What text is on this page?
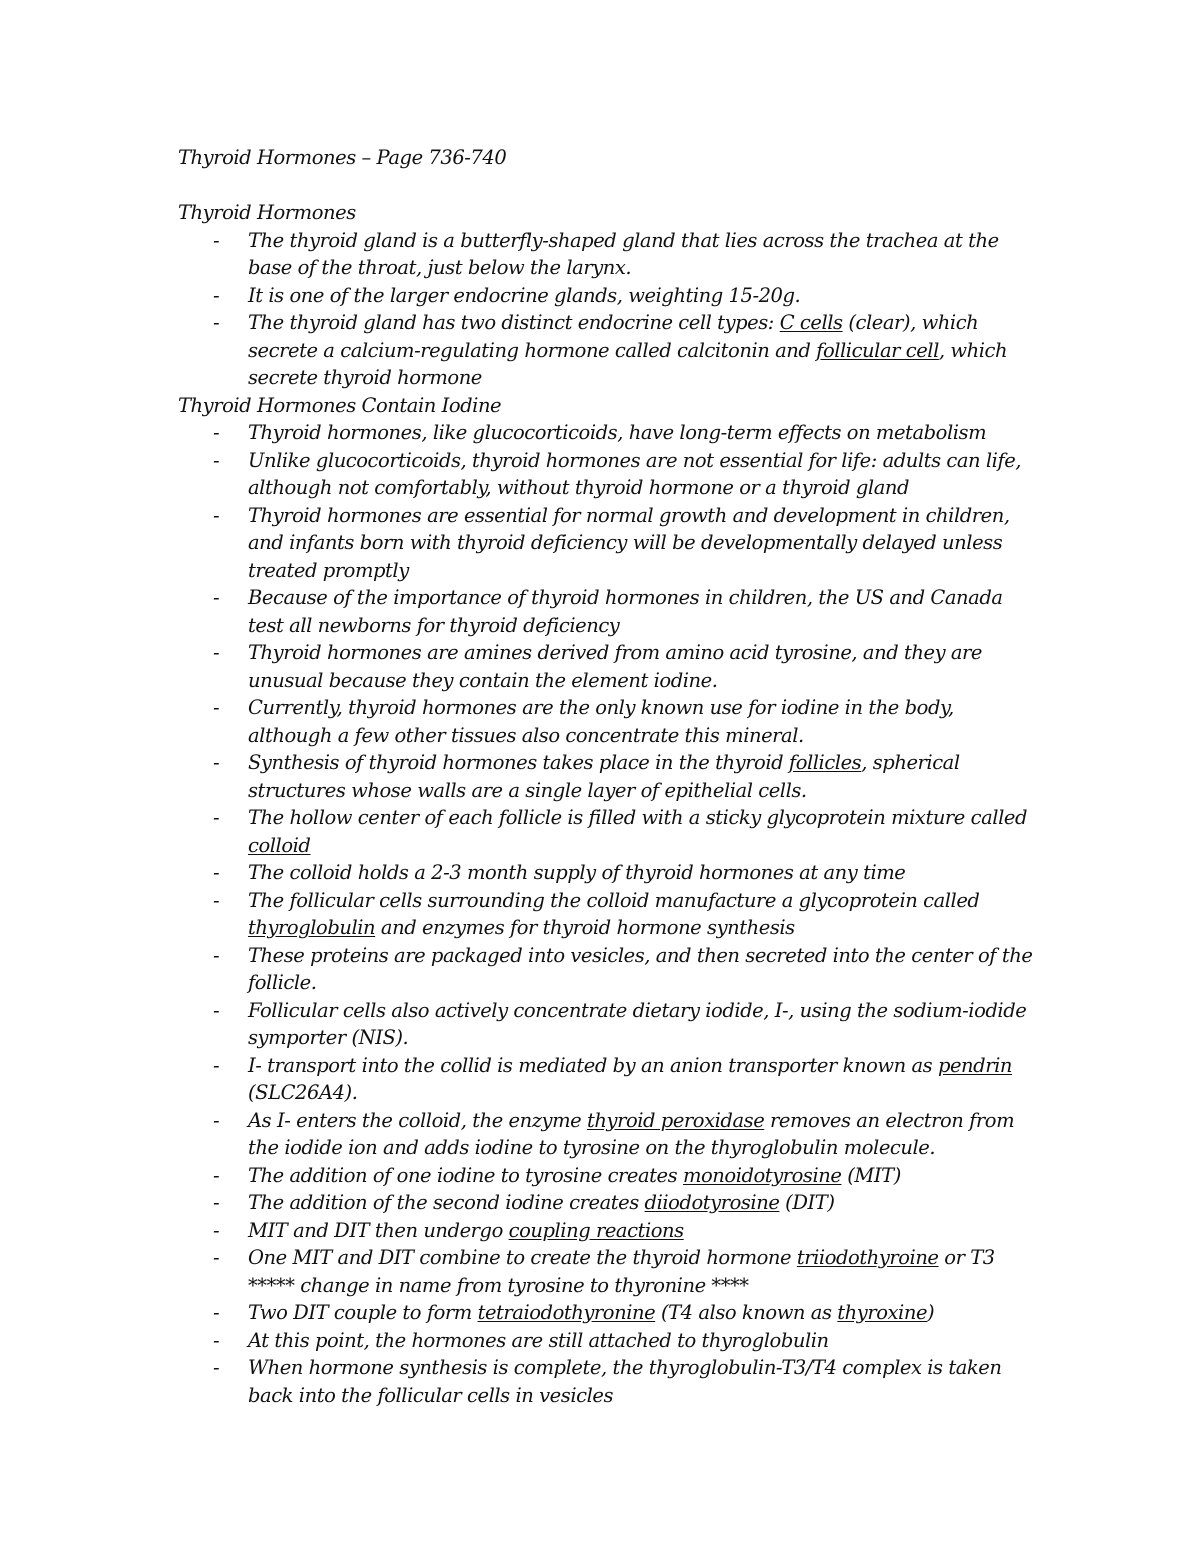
Thyroid Hormones – Page 736-740

Thyroid Hormones

- The thyroid gland is a butterfly-shaped gland that lies across the trachea at the base of the throat, just below the larynx.
- It is one of the larger endocrine glands, weighting 15-20g.
- The thyroid gland has two distinct endocrine cell types: C cells (clear), which secrete a calcium-regulating hormone called calcitonin and follicular cell, which secrete thyroid hormone

Thyroid Hormones Contain Iodine

- Thyroid hormones, like glucocorticoids, have long-term effects on metabolism
- Unlike glucocorticoids, thyroid hormones are not essential for life: adults can life, although not comfortably, without thyroid hormone or a thyroid gland
- Thyroid hormones are essential for normal growth and development in children, and infants born with thyroid deficiency will be developmentally delayed unless treated promptly
- Because of the importance of thyroid hormones in children, the US and Canada test all newborns for thyroid deficiency
- Thyroid hormones are amines derived from amino acid tyrosine, and they are unusual because they contain the element iodine.
- Currently, thyroid hormones are the only known use for iodine in the body, although a few other tissues also concentrate this mineral.
- Synthesis of thyroid hormones takes place in the thyroid follicles, spherical structures whose walls are a single layer of epithelial cells.
- The hollow center of each follicle is filled with a sticky glycoprotein mixture called colloid
- The colloid holds a 2-3 month supply of thyroid hormones at any time
- The follicular cells surrounding the colloid manufacture a glycoprotein called thyroglobulin and enzymes for thyroid hormone synthesis
- These proteins are packaged into vesicles, and then secreted into the center of the follicle.
- Follicular cells also actively concentrate dietary iodide, I-, using the sodium-iodide symporter (NIS).
- I- transport into the collid is mediated by an anion transporter known as pendrin (SLC26A4).
- As I- enters the colloid, the enzyme thyroid peroxidase removes an electron from the iodide ion and adds iodine to tyrosine on the thyroglobulin molecule.
- The addition of one iodine to tyrosine creates monoidotyrosine (MIT)
- The addition of the second iodine creates diiodotyrosine (DIT)
- MIT and DIT then undergo coupling reactions
- One MIT and DIT combine to create the thyroid hormone triiodothyroine or T3 ***** change in name from tyrosine to thyronine ****
- Two DIT couple to form tetraiodothyronine (T4 also known as thyroxine)
- At this point, the hormones are still attached to thyroglobulin
- When hormone synthesis is complete, the thyroglobulin-T3/T4 complex is taken back into the follicular cells in vesicles
